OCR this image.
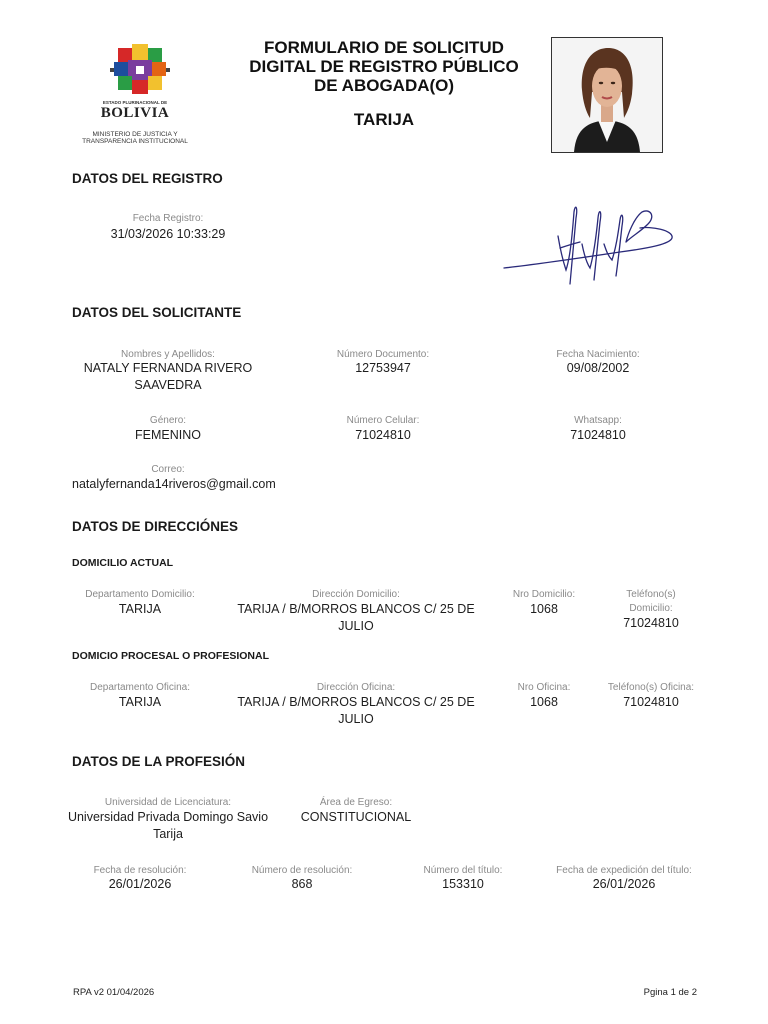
ESTADO PLURINACIONAL DE
BOLIVIA
MINISTERIO DE JUSTICIA Y
TRANSPARENCIA INSTITUCIONAL
FORMULARIO DE SOLICITUD
DIGITAL DE REGISTRO PÚBLICO
DE ABOGADA(O)
TARIJA
DATOS DEL REGISTRO
Fecha Registro:
31/03/2026 10:33:29
DATOS DEL SOLICITANTE
Nombres y Apellidos:
NATALY FERNANDA RIVERO
SAAVEDRA
Número Documento:
12753947
Fecha Nacimiento:
09/08/2002
Género:
FEMENINO
Número Celular:
71024810
Whatsapp:
71024810
Correo:
natalyfernanda14riveros@gmail.com
DATOS DE DIRECCIÓNES
DOMICILIO ACTUAL
Departamento Domicilio:
TARIJA
Dirección Domicilio:
TARIJA / B/MORROS BLANCOS C/ 25 DE
JULIO
Nro Domicilio:
1068
Teléfono(s)
Domicilio:
71024810
DOMICIO PROCESAL O PROFESIONAL
Departamento Oficina:
TARIJA
Dirección Oficina:
TARIJA / B/MORROS BLANCOS C/ 25 DE
JULIO
Nro Oficina:
1068
Teléfono(s) Oficina:
71024810
DATOS DE LA PROFESIÓN
Universidad de Licenciatura:
Universidad Privada Domingo Savio
Tarija
Área de Egreso:
CONSTITUCIONAL
Fecha de resolución:
26/01/2026
Número de resolución:
868
Número del título:
153310
Fecha de expedición del título:
26/01/2026
RPA v2 01/04/2026	Pgina 1 de 2
